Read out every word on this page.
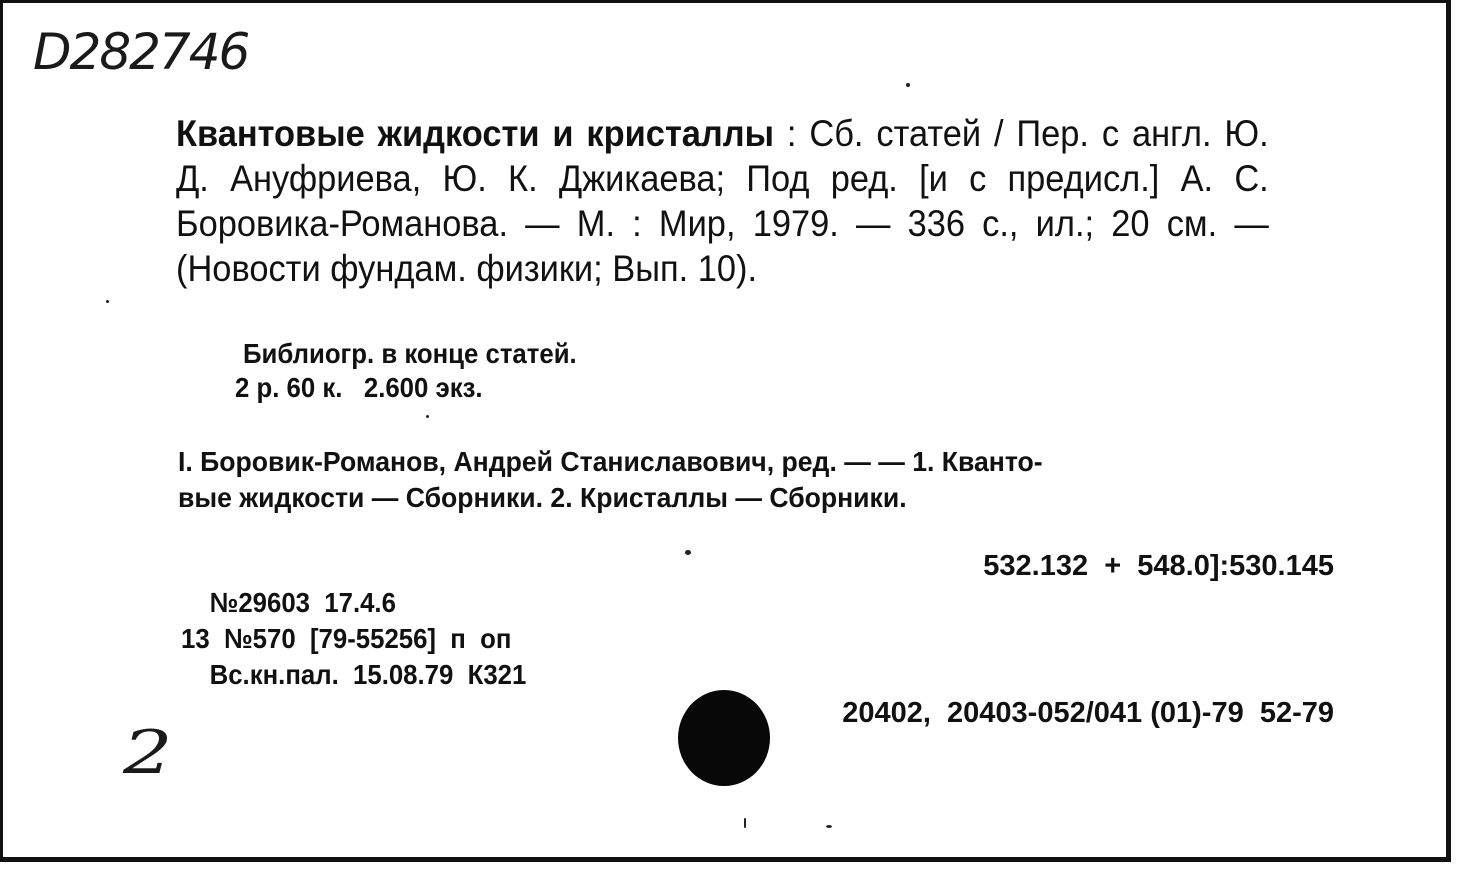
D282746
Квантовые жидкости и кристаллы : Сб. статей / Пер. с англ. Ю. Д. Ануфриева, Ю. К. Джикаева; Под ред. [и с предисл.] А. С. Боровика-Романова. — М. : Мир, 1979. — 336 с., ил.; 20 см. — (Новости фундам. физики; Вып. 10).
Библиогр. в конце статей.
2 р. 60 к.   2.600 экз.
I. Боровик-Романов, Андрей Станиславович, ред. — — 1. Кванто-
вые жидкости — Сборники. 2. Кристаллы — Сборники.
532.132  +  548.0]:530.145
№29603  17.4.6
13  №570  [79-55256]  п  оп
Вс.кн.пал.  15.08.79  К321
20402,  20403-052/041 (01)-79  52-79
2
